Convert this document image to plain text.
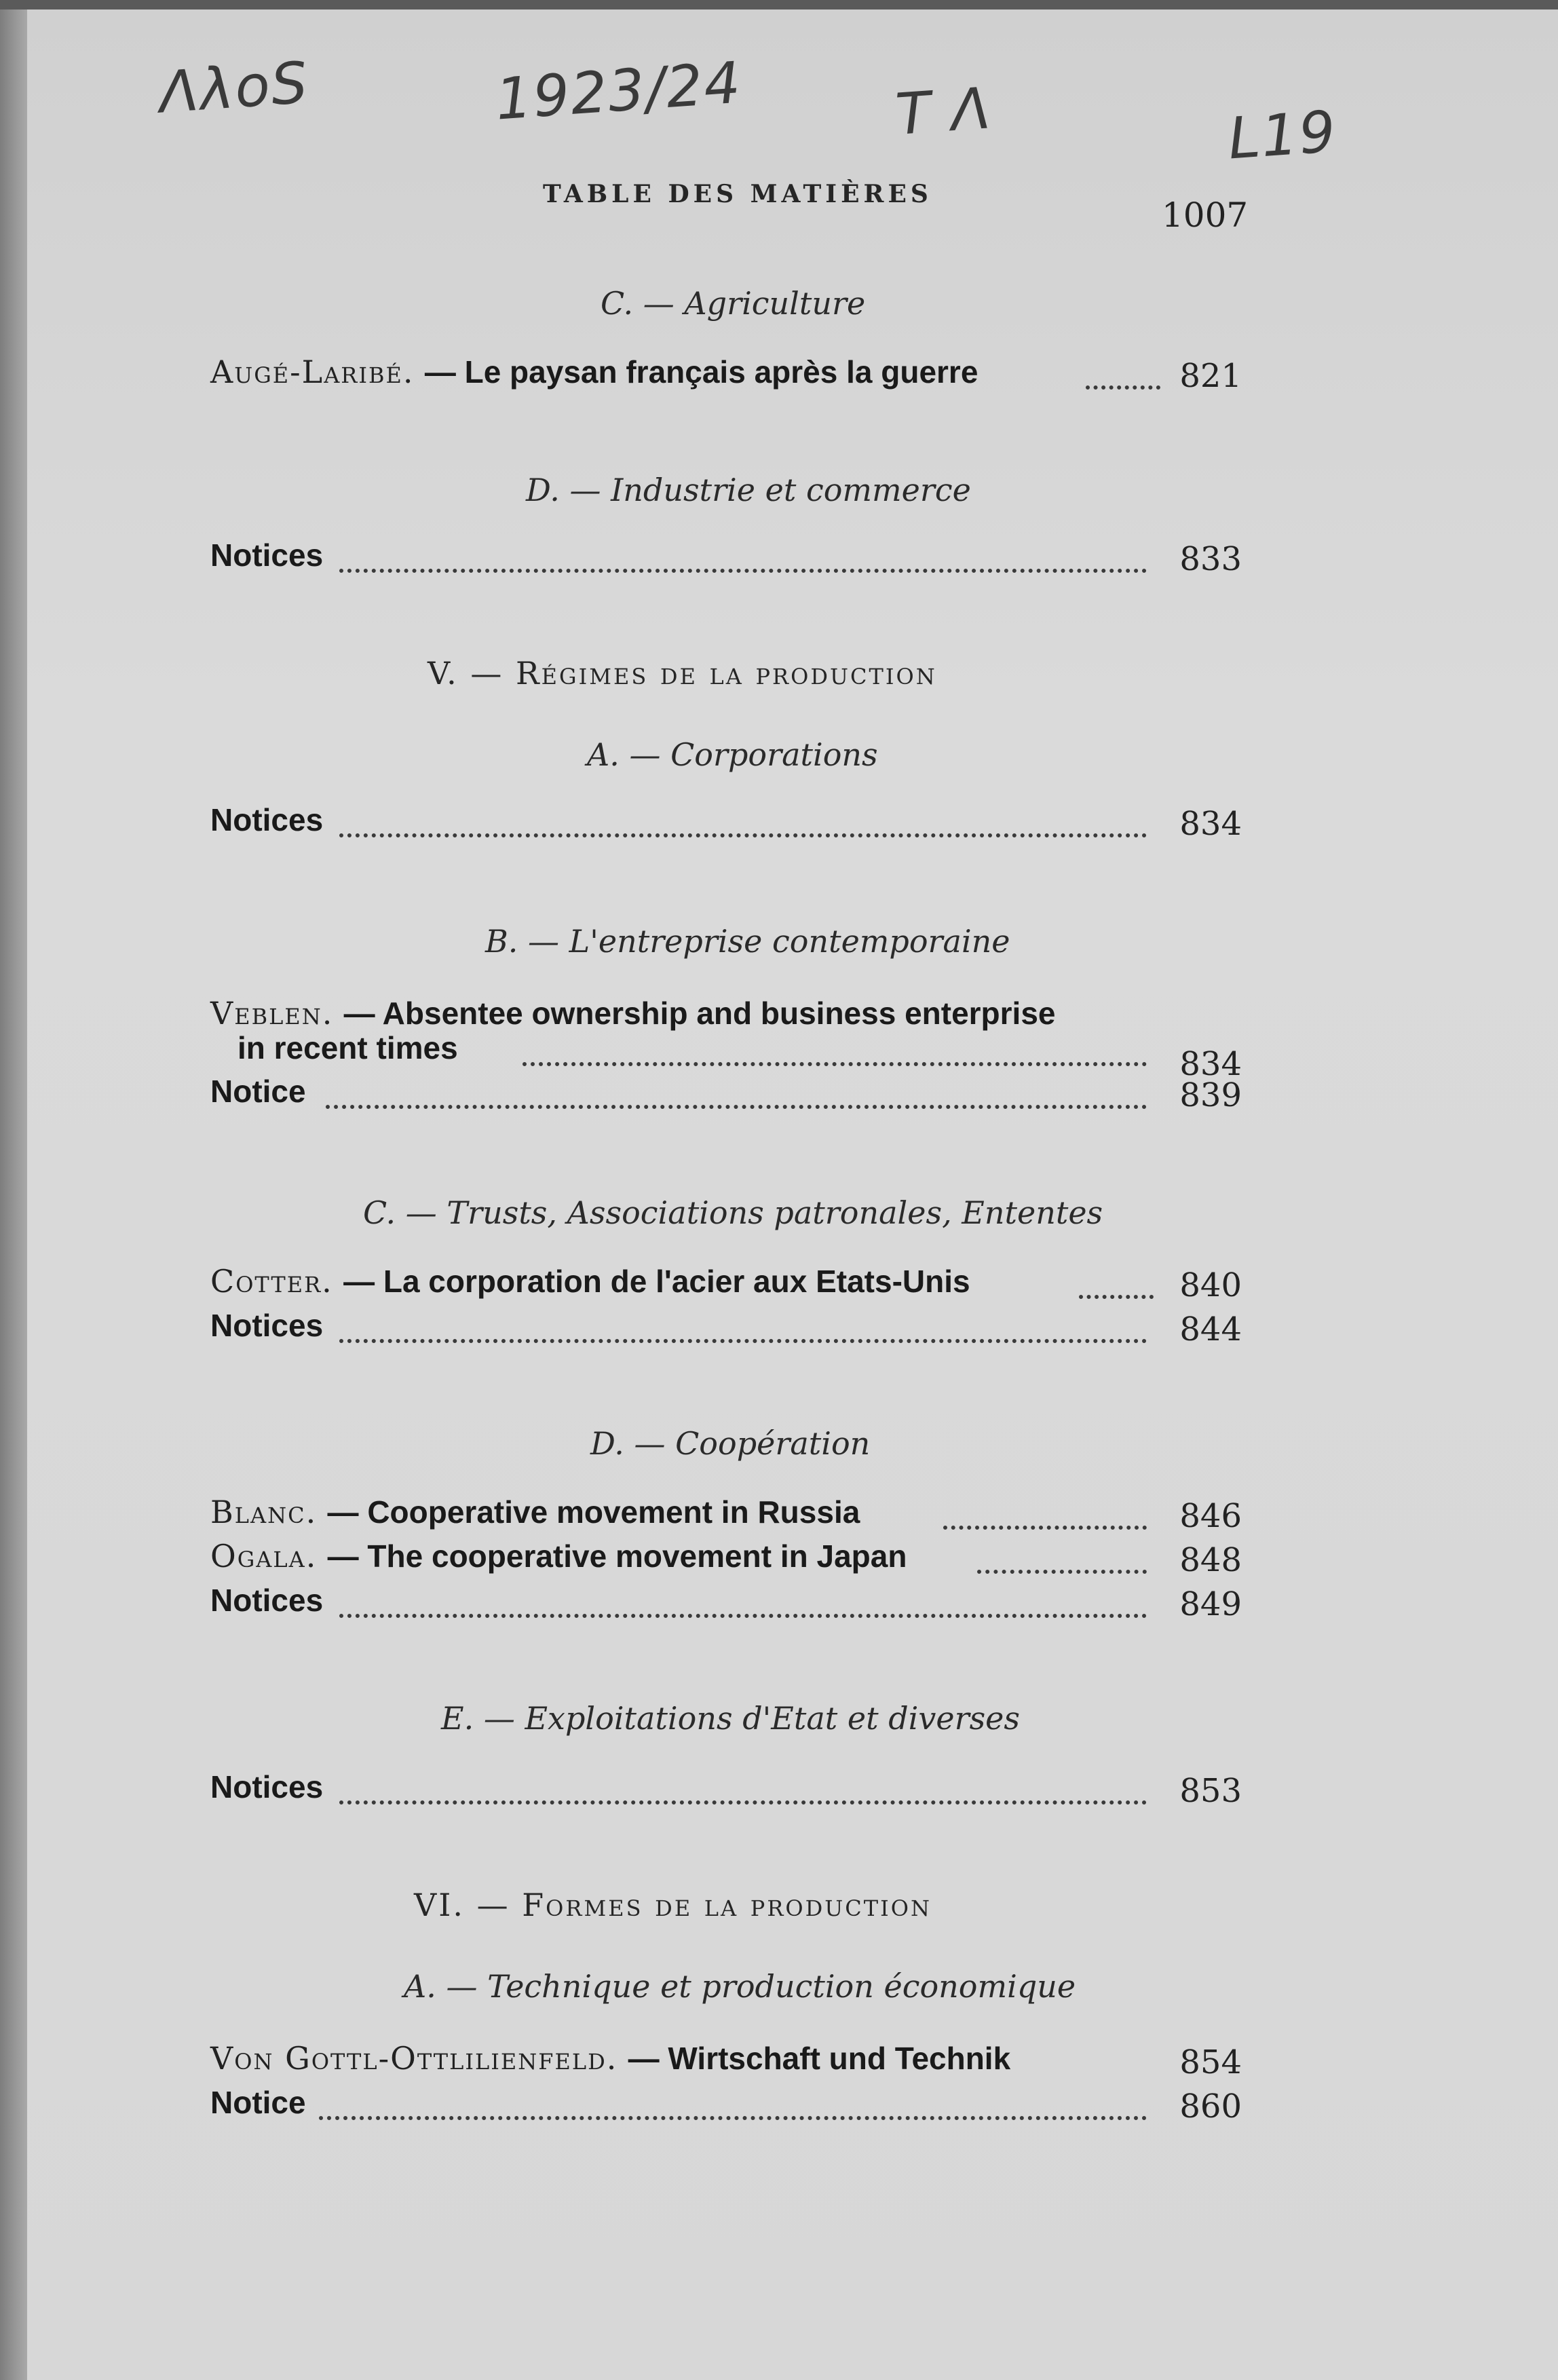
ΛλοS	1923/24	T Λ	L19
TABLE DES MATIÈRES
1007
C. — Agriculture
Augé-Laribé. — Le paysan français après la guerre	821
D. — Industrie et commerce
Notices	833
V. — Régimes de la production
A. — Corporations
Notices	834
B. — L'entreprise contemporaine
Veblen. — Absentee ownership and business enterprise
in recent times	834
Notice	839
C. — Trusts, Associations patronales, Ententes
Cotter. — La corporation de l'acier aux Etats-Unis	840
Notices	844
D. — Coopération
Blanc. — Cooperative movement in Russia	846
Ogala. — The cooperative movement in Japan	848
Notices	849
E. — Exploitations d'Etat et diverses
Notices	853
VI. — Formes de la production
A. — Technique et production économique
Von Gottl-Ottlilienfeld. — Wirtschaft und Technik	854
Notice	860
